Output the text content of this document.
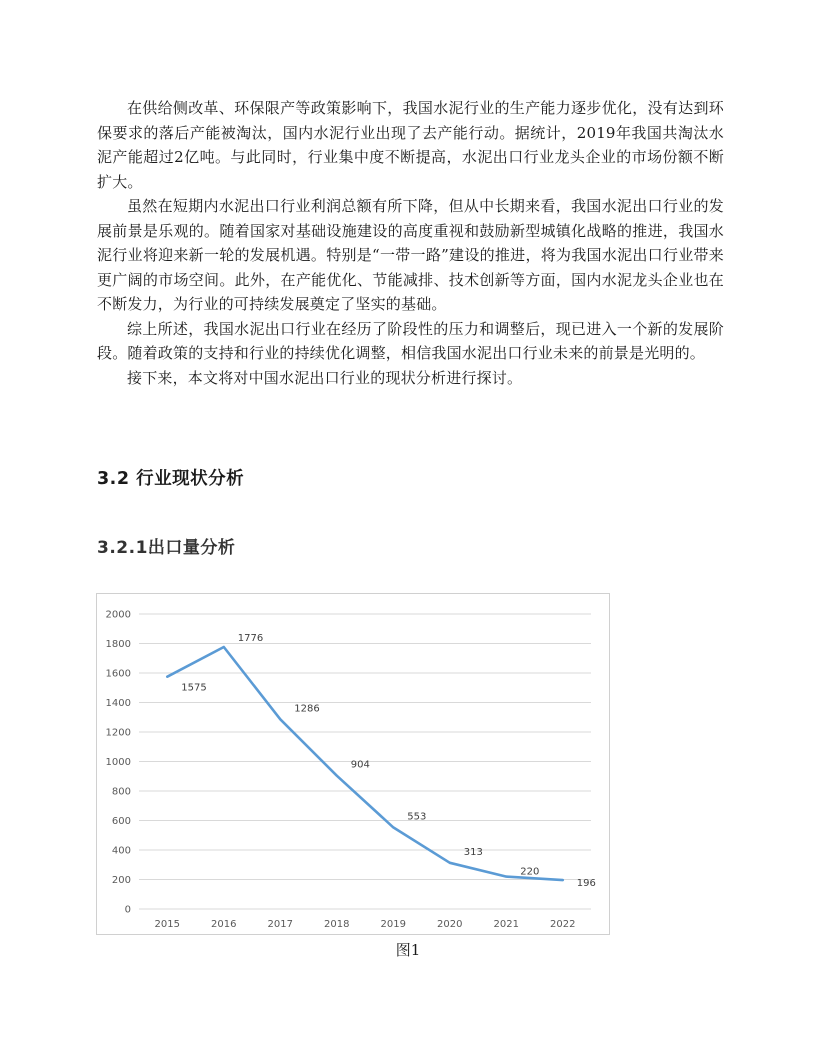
在供给侧改革、环保限产等政策影响下，我国水泥行业的生产能力逐步优化，没有达到环保要求的落后产能被淘汰，国内水泥行业出现了去产能行动。据统计，2019年我国共淘汰水泥产能超过2亿吨。与此同时，行业集中度不断提高，水泥出口行业龙头企业的市场份额不断扩大。

虽然在短期内水泥出口行业利润总额有所下降，但从中长期来看，我国水泥出口行业的发展前景是乐观的。随着国家对基础设施建设的高度重视和鼓励新型城镇化战略的推进，我国水泥行业将迎来新一轮的发展机遇。特别是“一带一路”建设的推进，将为我国水泥出口行业带来更广阔的市场空间。此外，在产能优化、节能减排、技术创新等方面，国内水泥龙头企业也在不断发力，为行业的可持续发展奠定了坚实的基础。

综上所述，我国水泥出口行业在经历了阶段性的压力和调整后，现已进入一个新的发展阶段。随着政策的支持和行业的持续优化调整，相信我国水泥出口行业未来的前景是光明的。

接下来，本文将对中国水泥出口行业的现状分析进行探讨。

3.2 行业现状分析
3.2.1出口量分析
0
200
400
600
800
1000
1200
1400
1600
1800
2000
2015	2016	2017	2018	2019	2020	2021	2022
1575
1776
1286
904
553
313
220
196

图1
